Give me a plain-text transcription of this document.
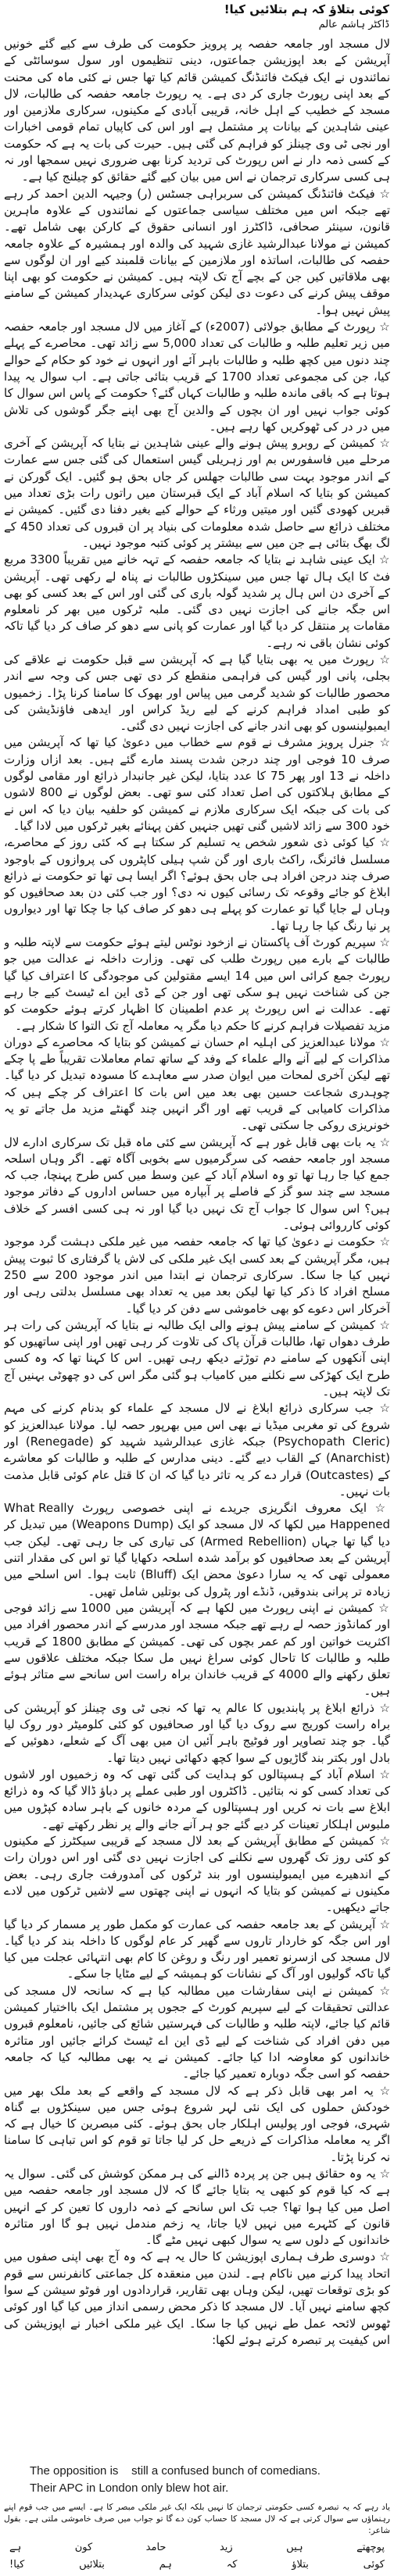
کوئی بتلاؤ کہ ہم بتلائیں کیا!
ڈاکٹر ہاشم عالم

لال مسجد اور جامعہ حفصہ پر پرویز حکومت کی طرف سے کیے گئے خونیں آپریشن کے بعد اپوزیشن جماعتوں، دینی تنظیموں اور سول سوسائٹی کے نمائندوں نے ایک فیکٹ فائنڈنگ کمیشن قائم کیا تھا جس نے کئی ماہ کی محنت کے بعد اپنی رپورٹ جاری کر دی ہے۔ یہ رپورٹ جامعہ حفصہ کی طالبات، لال مسجد کے خطیب کے اہل خانہ، قریبی آبادی کے مکینوں، سرکاری ملازمین اور عینی شاہدین کے بیانات پر مشتمل ہے اور اس کی کاپیاں تمام قومی اخبارات اور نجی ٹی وی چینلز کو فراہم کی گئی ہیں۔ حیرت کی بات یہ ہے کہ حکومت کے کسی ذمہ دار نے اس رپورٹ کی تردید کرنا بھی ضروری نہیں سمجھا اور نہ ہی کسی سرکاری ترجمان نے اس میں بیان کیے گئے حقائق کو چیلنج کیا ہے۔

☆ فیکٹ فائنڈنگ کمیشن کی سربراہی جسٹس (ر) وجیہہ الدین احمد کر رہے تھے جبکہ اس میں مختلف سیاسی جماعتوں کے نمائندوں کے علاوہ ماہرین قانون، سینئر صحافی، ڈاکٹرز اور انسانی حقوق کے کارکن بھی شامل تھے۔ کمیشن نے مولانا عبدالرشید غازی شہید کی والدہ اور ہمشیرہ کے علاوہ جامعہ حفصہ کی طالبات، اساتذہ اور ملازمین کے بیانات قلمبند کیے اور ان لوگوں سے بھی ملاقاتیں کیں جن کے بچے آج تک لاپتہ ہیں۔ کمیشن نے حکومت کو بھی اپنا موقف پیش کرنے کی دعوت دی لیکن کوئی سرکاری عہدیدار کمیشن کے سامنے پیش نہیں ہوا۔

☆ رپورٹ کے مطابق جولائی (2007ء) کے آغاز میں لال مسجد اور جامعہ حفصہ میں زیر تعلیم طلبہ و طالبات کی تعداد 5,000 سے زائد تھی۔ محاصرے کے پہلے چند دنوں میں کچھ طلبہ و طالبات باہر آئے اور انہوں نے خود کو حکام کے حوالے کیا، جن کی مجموعی تعداد 1700 کے قریب بتائی جاتی ہے۔ اب سوال یہ پیدا ہوتا ہے کہ باقی ماندہ طلبہ و طالبات کہاں گئے؟ حکومت کے پاس اس سوال کا کوئی جواب نہیں اور ان بچوں کے والدین آج بھی اپنے جگر گوشوں کی تلاش میں در در کی ٹھوکریں کھا رہے ہیں۔

☆ کمیشن کے روبرو پیش ہونے والے عینی شاہدین نے بتایا کہ آپریشن کے آخری مرحلے میں فاسفورس بم اور زہریلی گیس استعمال کی گئی جس سے عمارت کے اندر موجود بہت سی طالبات جھلس کر جاں بحق ہو گئیں۔ ایک گورکن نے کمیشن کو بتایا کہ اسلام آباد کے ایک قبرستان میں راتوں رات بڑی تعداد میں قبریں کھودی گئیں اور میتیں ورثاء کے حوالے کیے بغیر دفنا دی گئیں۔ کمیشن نے مختلف ذرائع سے حاصل شدہ معلومات کی بنیاد پر ان قبروں کی تعداد 450 کے لگ بھگ بتائی ہے جن میں سے بیشتر پر کوئی کتبہ موجود نہیں۔

☆ ایک عینی شاہد نے بتایا کہ جامعہ حفصہ کے تہہ خانے میں تقریباً 3300 مربع فٹ کا ایک ہال تھا جس میں سینکڑوں طالبات نے پناہ لے رکھی تھی۔ آپریشن کے آخری دن اس ہال پر شدید گولہ باری کی گئی اور اس کے بعد کسی کو بھی اس جگہ جانے کی اجازت نہیں دی گئی۔ ملبہ ٹرکوں میں بھر کر نامعلوم مقامات پر منتقل کر دیا گیا اور عمارت کو پانی سے دھو کر صاف کر دیا گیا تاکہ کوئی نشان باقی نہ رہے۔

☆ رپورٹ میں یہ بھی بتایا گیا ہے کہ آپریشن سے قبل حکومت نے علاقے کی بجلی، پانی اور گیس کی فراہمی منقطع کر دی تھی جس کی وجہ سے اندر محصور طالبات کو شدید گرمی میں پیاس اور بھوک کا سامنا کرنا پڑا۔ زخمیوں کو طبی امداد فراہم کرنے کے لیے ریڈ کراس اور ایدھی فاؤنڈیشن کی ایمبولینسوں کو بھی اندر جانے کی اجازت نہیں دی گئی۔

☆ جنرل پرویز مشرف نے قوم سے خطاب میں دعویٰ کیا تھا کہ آپریشن میں صرف 10 فوجی اور چند درجن شدت پسند مارے گئے ہیں۔ بعد ازاں وزارت داخلہ نے 13 اور پھر 75 کا عدد بتایا، لیکن غیر جانبدار ذرائع اور مقامی لوگوں کے مطابق ہلاکتوں کی اصل تعداد کئی سو تھی۔ بعض لوگوں نے 800 لاشوں کی بات کی جبکہ ایک سرکاری ملازم نے کمیشن کو حلفیہ بیان دیا کہ اس نے خود 300 سے زائد لاشیں گنی تھیں جنہیں کفن پہنائے بغیر ٹرکوں میں لادا گیا۔

☆ کیا کوئی ذی شعور شخص یہ تسلیم کر سکتا ہے کہ کئی روز کے محاصرے، مسلسل فائرنگ، راکٹ باری اور گن شپ ہیلی کاپٹروں کی پروازوں کے باوجود صرف چند درجن افراد ہی جاں بحق ہوئے؟ اگر ایسا ہی تھا تو حکومت نے ذرائع ابلاغ کو جائے وقوعہ تک رسائی کیوں نہ دی؟ اور جب کئی دن بعد صحافیوں کو وہاں لے جایا گیا تو عمارت کو پہلے ہی دھو کر صاف کیا جا چکا تھا اور دیواروں پر نیا رنگ کیا جا رہا تھا۔

☆ سپریم کورٹ آف پاکستان نے ازخود نوٹس لیتے ہوئے حکومت سے لاپتہ طلبہ و طالبات کے بارے میں رپورٹ طلب کی تھی۔ وزارت داخلہ نے عدالت میں جو رپورٹ جمع کرائی اس میں 14 ایسے مقتولین کی موجودگی کا اعتراف کیا گیا جن کی شناخت نہیں ہو سکی تھی اور جن کے ڈی این اے ٹیسٹ کیے جا رہے تھے۔ عدالت نے اس رپورٹ پر عدم اطمینان کا اظہار کرتے ہوئے حکومت کو مزید تفصیلات فراہم کرنے کا حکم دیا مگر یہ معاملہ آج تک التوا کا شکار ہے۔

☆ مولانا عبدالعزیز کی اہلیہ ام حسان نے کمیشن کو بتایا کہ محاصرے کے دوران مذاکرات کے لیے آنے والے علماء کے وفد کے ساتھ تمام معاملات تقریباً طے پا چکے تھے لیکن آخری لمحات میں ایوان صدر سے معاہدے کا مسودہ تبدیل کر دیا گیا۔ چوہدری شجاعت حسین بھی بعد میں اس بات کا اعتراف کر چکے ہیں کہ مذاکرات کامیابی کے قریب تھے اور اگر انہیں چند گھنٹے مزید مل جاتے تو یہ خونریزی روکی جا سکتی تھی۔

☆ یہ بات بھی قابل غور ہے کہ آپریشن سے کئی ماہ قبل تک سرکاری ادارے لال مسجد اور جامعہ حفصہ کی سرگرمیوں سے بخوبی آگاہ تھے۔ اگر وہاں اسلحہ جمع کیا جا رہا تھا تو وہ اسلام آباد کے عین وسط میں کس طرح پہنچا، جب کہ مسجد سے چند سو گز کے فاصلے پر آبپارہ میں حساس اداروں کے دفاتر موجود ہیں؟ اس سوال کا جواب آج تک نہیں دیا گیا اور نہ ہی کسی افسر کے خلاف کوئی کارروائی ہوئی۔

☆ حکومت نے دعویٰ کیا تھا کہ جامعہ حفصہ میں غیر ملکی دہشت گرد موجود ہیں، مگر آپریشن کے بعد کسی ایک غیر ملکی کی لاش یا گرفتاری کا ثبوت پیش نہیں کیا جا سکا۔ سرکاری ترجمان نے ابتدا میں اندر موجود 200 سے 250 مسلح افراد کا ذکر کیا تھا لیکن بعد میں یہ تعداد بھی مسلسل بدلتی رہی اور آخرکار اس دعوے کو بھی خاموشی سے دفن کر دیا گیا۔

☆ کمیشن کے سامنے پیش ہونے والی ایک طالبہ نے بتایا کہ آپریشن کی رات ہر طرف دھواں تھا، طالبات قرآن پاک کی تلاوت کر رہی تھیں اور اپنی ساتھیوں کو اپنی آنکھوں کے سامنے دم توڑتے دیکھ رہی تھیں۔ اس کا کہنا تھا کہ وہ کسی طرح ایک کھڑکی سے نکلنے میں کامیاب ہو گئی مگر اس کی دو چھوٹی بہنیں آج تک لاپتہ ہیں۔

☆ جب سرکاری ذرائع ابلاغ نے لال مسجد کے علماء کو بدنام کرنے کی مہم شروع کی تو مغربی میڈیا نے بھی اس میں بھرپور حصہ لیا۔ مولانا عبدالعزیز کو (Psychopath Cleric) جبکہ غازی عبدالرشید شہید کو (Renegade) اور (Anarchist) کے القاب دیے گئے۔ دینی مدارس کے طلبہ و طالبات کو معاشرے کے (Outcastes) قرار دے کر یہ تاثر دیا گیا کہ ان کا قتل عام کوئی قابل مذمت بات نہیں۔

☆ ایک معروف انگریزی جریدے نے اپنی خصوصی رپورٹ What Really Happened میں لکھا کہ لال مسجد کو ایک (Weapons Dump) میں تبدیل کر دیا گیا تھا جہاں (Armed Rebellion) کی تیاری کی جا رہی تھی۔ لیکن جب آپریشن کے بعد صحافیوں کو برآمد شدہ اسلحہ دکھایا گیا تو اس کی مقدار اتنی معمولی تھی کہ یہ سارا دعویٰ محض ایک (Bluff) ثابت ہوا۔ اس اسلحے میں زیادہ تر پرانی بندوقیں، ڈنڈے اور پٹرول کی بوتلیں شامل تھیں۔

☆ کمیشن نے اپنی رپورٹ میں لکھا ہے کہ آپریشن میں 1000 سے زائد فوجی اور کمانڈوز حصہ لے رہے تھے جبکہ مسجد اور مدرسے کے اندر محصور افراد میں اکثریت خواتین اور کم عمر بچوں کی تھی۔ کمیشن کے مطابق 1800 کے قریب طلبہ و طالبات کا تاحال کوئی سراغ نہیں مل سکا جبکہ مختلف علاقوں سے تعلق رکھنے والے 4000 کے قریب خاندان براہ راست اس سانحے سے متاثر ہوئے ہیں۔

☆ ذرائع ابلاغ پر پابندیوں کا عالم یہ تھا کہ نجی ٹی وی چینلز کو آپریشن کی براہ راست کوریج سے روک دیا گیا اور صحافیوں کو کئی کلومیٹر دور روک لیا گیا۔ جو چند تصاویر اور فوٹیج باہر آئیں ان میں بھی آگ کے شعلے، دھوئیں کے بادل اور بکتر بند گاڑیوں کے سوا کچھ دکھائی نہیں دیتا تھا۔

☆ اسلام آباد کے ہسپتالوں کو ہدایت کی گئی تھی کہ وہ زخمیوں اور لاشوں کی تعداد کسی کو نہ بتائیں۔ ڈاکٹروں اور طبی عملے پر دباؤ ڈالا گیا کہ وہ ذرائع ابلاغ سے بات نہ کریں اور ہسپتالوں کے مردہ خانوں کے باہر سادہ کپڑوں میں ملبوس اہلکار تعینات کر دیے گئے جو ہر آنے جانے والے پر نظر رکھتے تھے۔

☆ کمیشن کے مطابق آپریشن کے بعد لال مسجد کے قریبی سیکٹرز کے مکینوں کو کئی روز تک گھروں سے نکلنے کی اجازت نہیں دی گئی اور اس دوران رات کے اندھیرے میں ایمبولینسوں اور بند ٹرکوں کی آمدورفت جاری رہی۔ بعض مکینوں نے کمیشن کو بتایا کہ انہوں نے اپنی چھتوں سے لاشیں ٹرکوں میں لادے جاتے دیکھیں۔

☆ آپریشن کے بعد جامعہ حفصہ کی عمارت کو مکمل طور پر مسمار کر دیا گیا اور اس جگہ کو خاردار تاروں سے گھیر کر عام لوگوں کا داخلہ بند کر دیا گیا۔ لال مسجد کی ازسرنو تعمیر اور رنگ و روغن کا کام بھی انتہائی عجلت میں کیا گیا تاکہ گولیوں اور آگ کے نشانات کو ہمیشہ کے لیے مٹایا جا سکے۔

☆ کمیشن نے اپنی سفارشات میں مطالبہ کیا ہے کہ سانحہ لال مسجد کی عدالتی تحقیقات کے لیے سپریم کورٹ کے ججوں پر مشتمل ایک بااختیار کمیشن قائم کیا جائے، لاپتہ طلبہ و طالبات کی فہرستیں شائع کی جائیں، نامعلوم قبروں میں دفن افراد کی شناخت کے لیے ڈی این اے ٹیسٹ کرائے جائیں اور متاثرہ خاندانوں کو معاوضہ ادا کیا جائے۔ کمیشن نے یہ بھی مطالبہ کیا کہ جامعہ حفصہ کو اسی جگہ دوبارہ تعمیر کیا جائے۔

☆ یہ امر بھی قابل ذکر ہے کہ لال مسجد کے واقعے کے بعد ملک بھر میں خودکش حملوں کی ایک نئی لہر شروع ہوئی جس میں سینکڑوں بے گناہ شہری، فوجی اور پولیس اہلکار جاں بحق ہوئے۔ کئی مبصرین کا خیال ہے کہ اگر یہ معاملہ مذاکرات کے ذریعے حل کر لیا جاتا تو قوم کو اس تباہی کا سامنا نہ کرنا پڑتا۔

☆ یہ وہ حقائق ہیں جن پر پردہ ڈالنے کی ہر ممکن کوشش کی گئی۔ سوال یہ ہے کہ کیا قوم کو کبھی یہ بتایا جائے گا کہ لال مسجد اور جامعہ حفصہ میں اصل میں کیا ہوا تھا؟ جب تک اس سانحے کے ذمہ داروں کا تعین کر کے انہیں قانون کے کٹہرے میں نہیں لایا جاتا، یہ زخم مندمل نہیں ہو گا اور متاثرہ خاندانوں کے دلوں سے یہ سوال کبھی نہیں مٹے گا۔

☆ دوسری طرف ہماری اپوزیشن کا حال یہ ہے کہ وہ آج بھی اپنی صفوں میں اتحاد پیدا کرنے میں ناکام ہے۔ لندن میں منعقدہ کل جماعتی کانفرنس سے قوم کو بڑی توقعات تھیں، لیکن وہاں بھی تقاریر، قراردادوں اور فوٹو سیشن کے سوا کچھ سامنے نہیں آیا۔ لال مسجد کا ذکر محض رسمی انداز میں کیا گیا اور کوئی ٹھوس لائحہ عمل طے نہیں کیا جا سکا۔ ایک غیر ملکی اخبار نے اپوزیشن کی اس کیفیت پر تبصرہ کرتے ہوئے لکھا:

The opposition is    still a confused bunch of comedians.
Their APC in London only blew hot air.

یاد رہے کہ یہ تبصرہ کسی حکومتی ترجمان کا نہیں بلکہ ایک غیر ملکی مبصر کا ہے۔ ایسے میں جب قوم اپنے رہنماؤں سے سوال کرتی ہے کہ لال مسجد کا حساب کون دے گا تو جواب میں صرف خاموشی ملتی ہے۔ بقول شاعر:

پوچھتے
ہیں
زید
حامد
کون
ہے
کوئی
بتلاؤ
کہ
ہم
بتلائیں
کیا!
